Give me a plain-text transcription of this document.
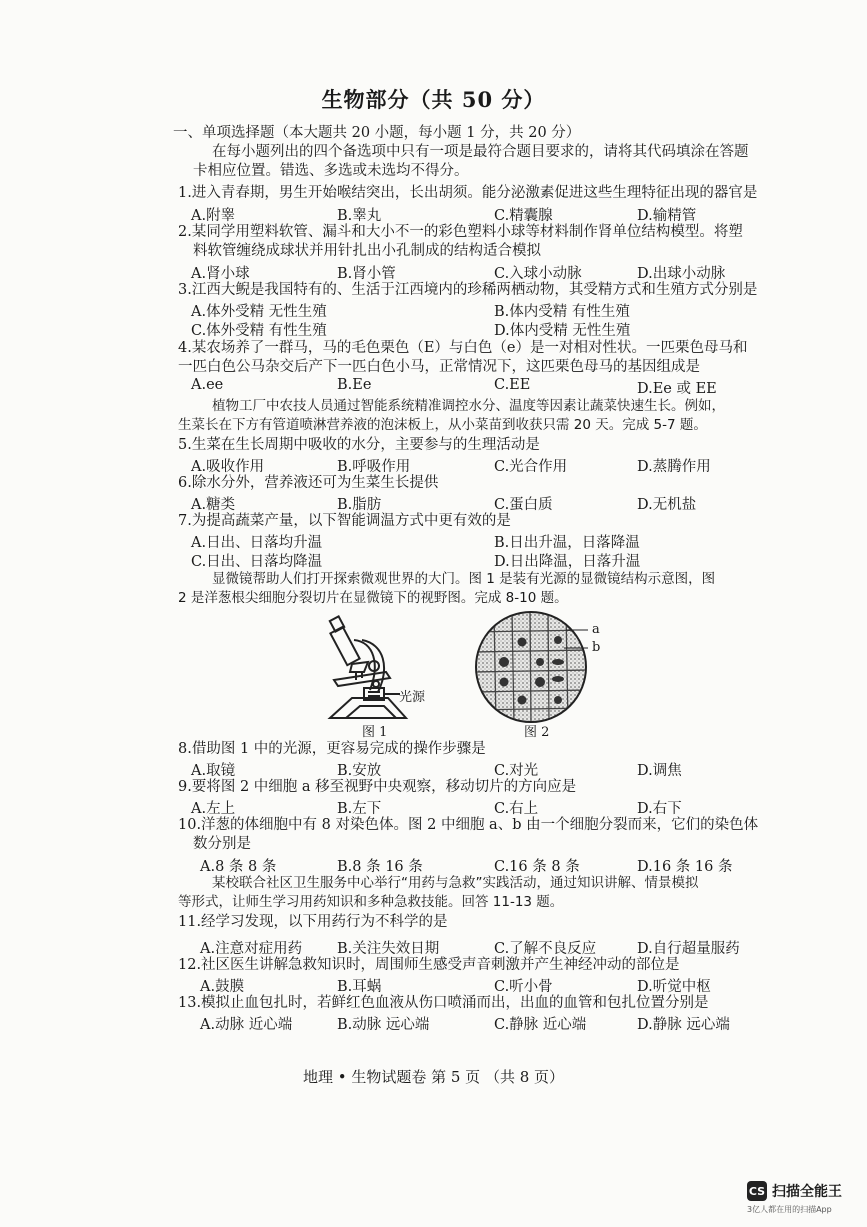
生物部分（共 50 分）
一、单项选择题（本大题共 20 小题，每小题 1 分，共 20 分）
在每小题列出的四个备选项中只有一项是最符合题目要求的，请将其代码填涂在答题
卡相应位置。错选、多选或未选均不得分。
1.进入青春期，男生开始喉结突出，长出胡须。能分泌激素促进这些生理特征出现的器官是
A.附睾	B.睾丸	C.精囊腺	D.输精管
2.某同学用塑料软管、漏斗和大小不一的彩色塑料小球等材料制作肾单位结构模型。将塑
料软管缠绕成球状并用针扎出小孔制成的结构适合模拟
A.肾小球	B.肾小管	C.入球小动脉	D.出球小动脉
3.江西大鲵是我国特有的、生活于江西境内的珍稀两栖动物，其受精方式和生殖方式分别是
A.体外受精 无性生殖	B.体内受精 有性生殖
C.体外受精 有性生殖	D.体内受精 无性生殖
4.某农场养了一群马，马的毛色栗色（E）与白色（e）是一对相对性状。一匹栗色母马和
一匹白色公马杂交后产下一匹白色小马，正常情况下，这匹栗色母马的基因组成是
A.ee	B.Ee	C.EE	D.Ee 或 EE
植物工厂中农技人员通过智能系统精准调控水分、温度等因素让蔬菜快速生长。例如，
生菜长在下方有管道喷淋营养液的泡沫板上，从小菜苗到收获只需 20 天。完成 5-7 题。
5.生菜在生长周期中吸收的水分，主要参与的生理活动是
A.吸收作用	B.呼吸作用	C.光合作用	D.蒸腾作用
6.除水分外，营养液还可为生菜生长提供
A.糖类	B.脂肪	C.蛋白质	D.无机盐
7.为提高蔬菜产量，以下智能调温方式中更有效的是
A.日出、日落均升温	B.日出升温，日落降温
C.日出、日落均降温	D.日出降温，日落升温
显微镜帮助人们打开探索微观世界的大门。图 1 是装有光源的显微镜结构示意图，图
2 是洋葱根尖细胞分裂切片在显微镜下的视野图。完成 8-10 题。
光源
图 1
a
b
图 2
8.借助图 1 中的光源，更容易完成的操作步骤是
A.取镜	B.安放	C.对光	D.调焦
9.要将图 2 中细胞 a 移至视野中央观察，移动切片的方向应是
A.左上	B.左下	C.右上	D.右下
10.洋葱的体细胞中有 8 对染色体。图 2 中细胞 a、b 由一个细胞分裂而来，它们的染色体
数分别是
A.8 条 8 条	B.8 条 16 条	C.16 条 8 条	D.16 条 16 条
某校联合社区卫生服务中心举行“用药与急救”实践活动，通过知识讲解、情景模拟
等形式，让师生学习用药知识和多种急救技能。回答 11-13 题。
11.经学习发现，以下用药行为不科学的是
A.注意对症用药 B.关注失效日期	C.了解不良反应	D.自行超量服药
12.社区医生讲解急救知识时，周围师生感受声音刺激并产生神经冲动的部位是
A.鼓膜	B.耳蜗	C.听小骨	D.听觉中枢
13.模拟止血包扎时，若鲜红色血液从伤口喷涌而出，出血的血管和包扎位置分别是
A.动脉 近心端	B.动脉 远心端	C.静脉 近心端	D.静脉 远心端
地理 • 生物试题卷 第 5 页 （共 8 页）
CS 扫描全能王
3亿人都在用的扫描App
